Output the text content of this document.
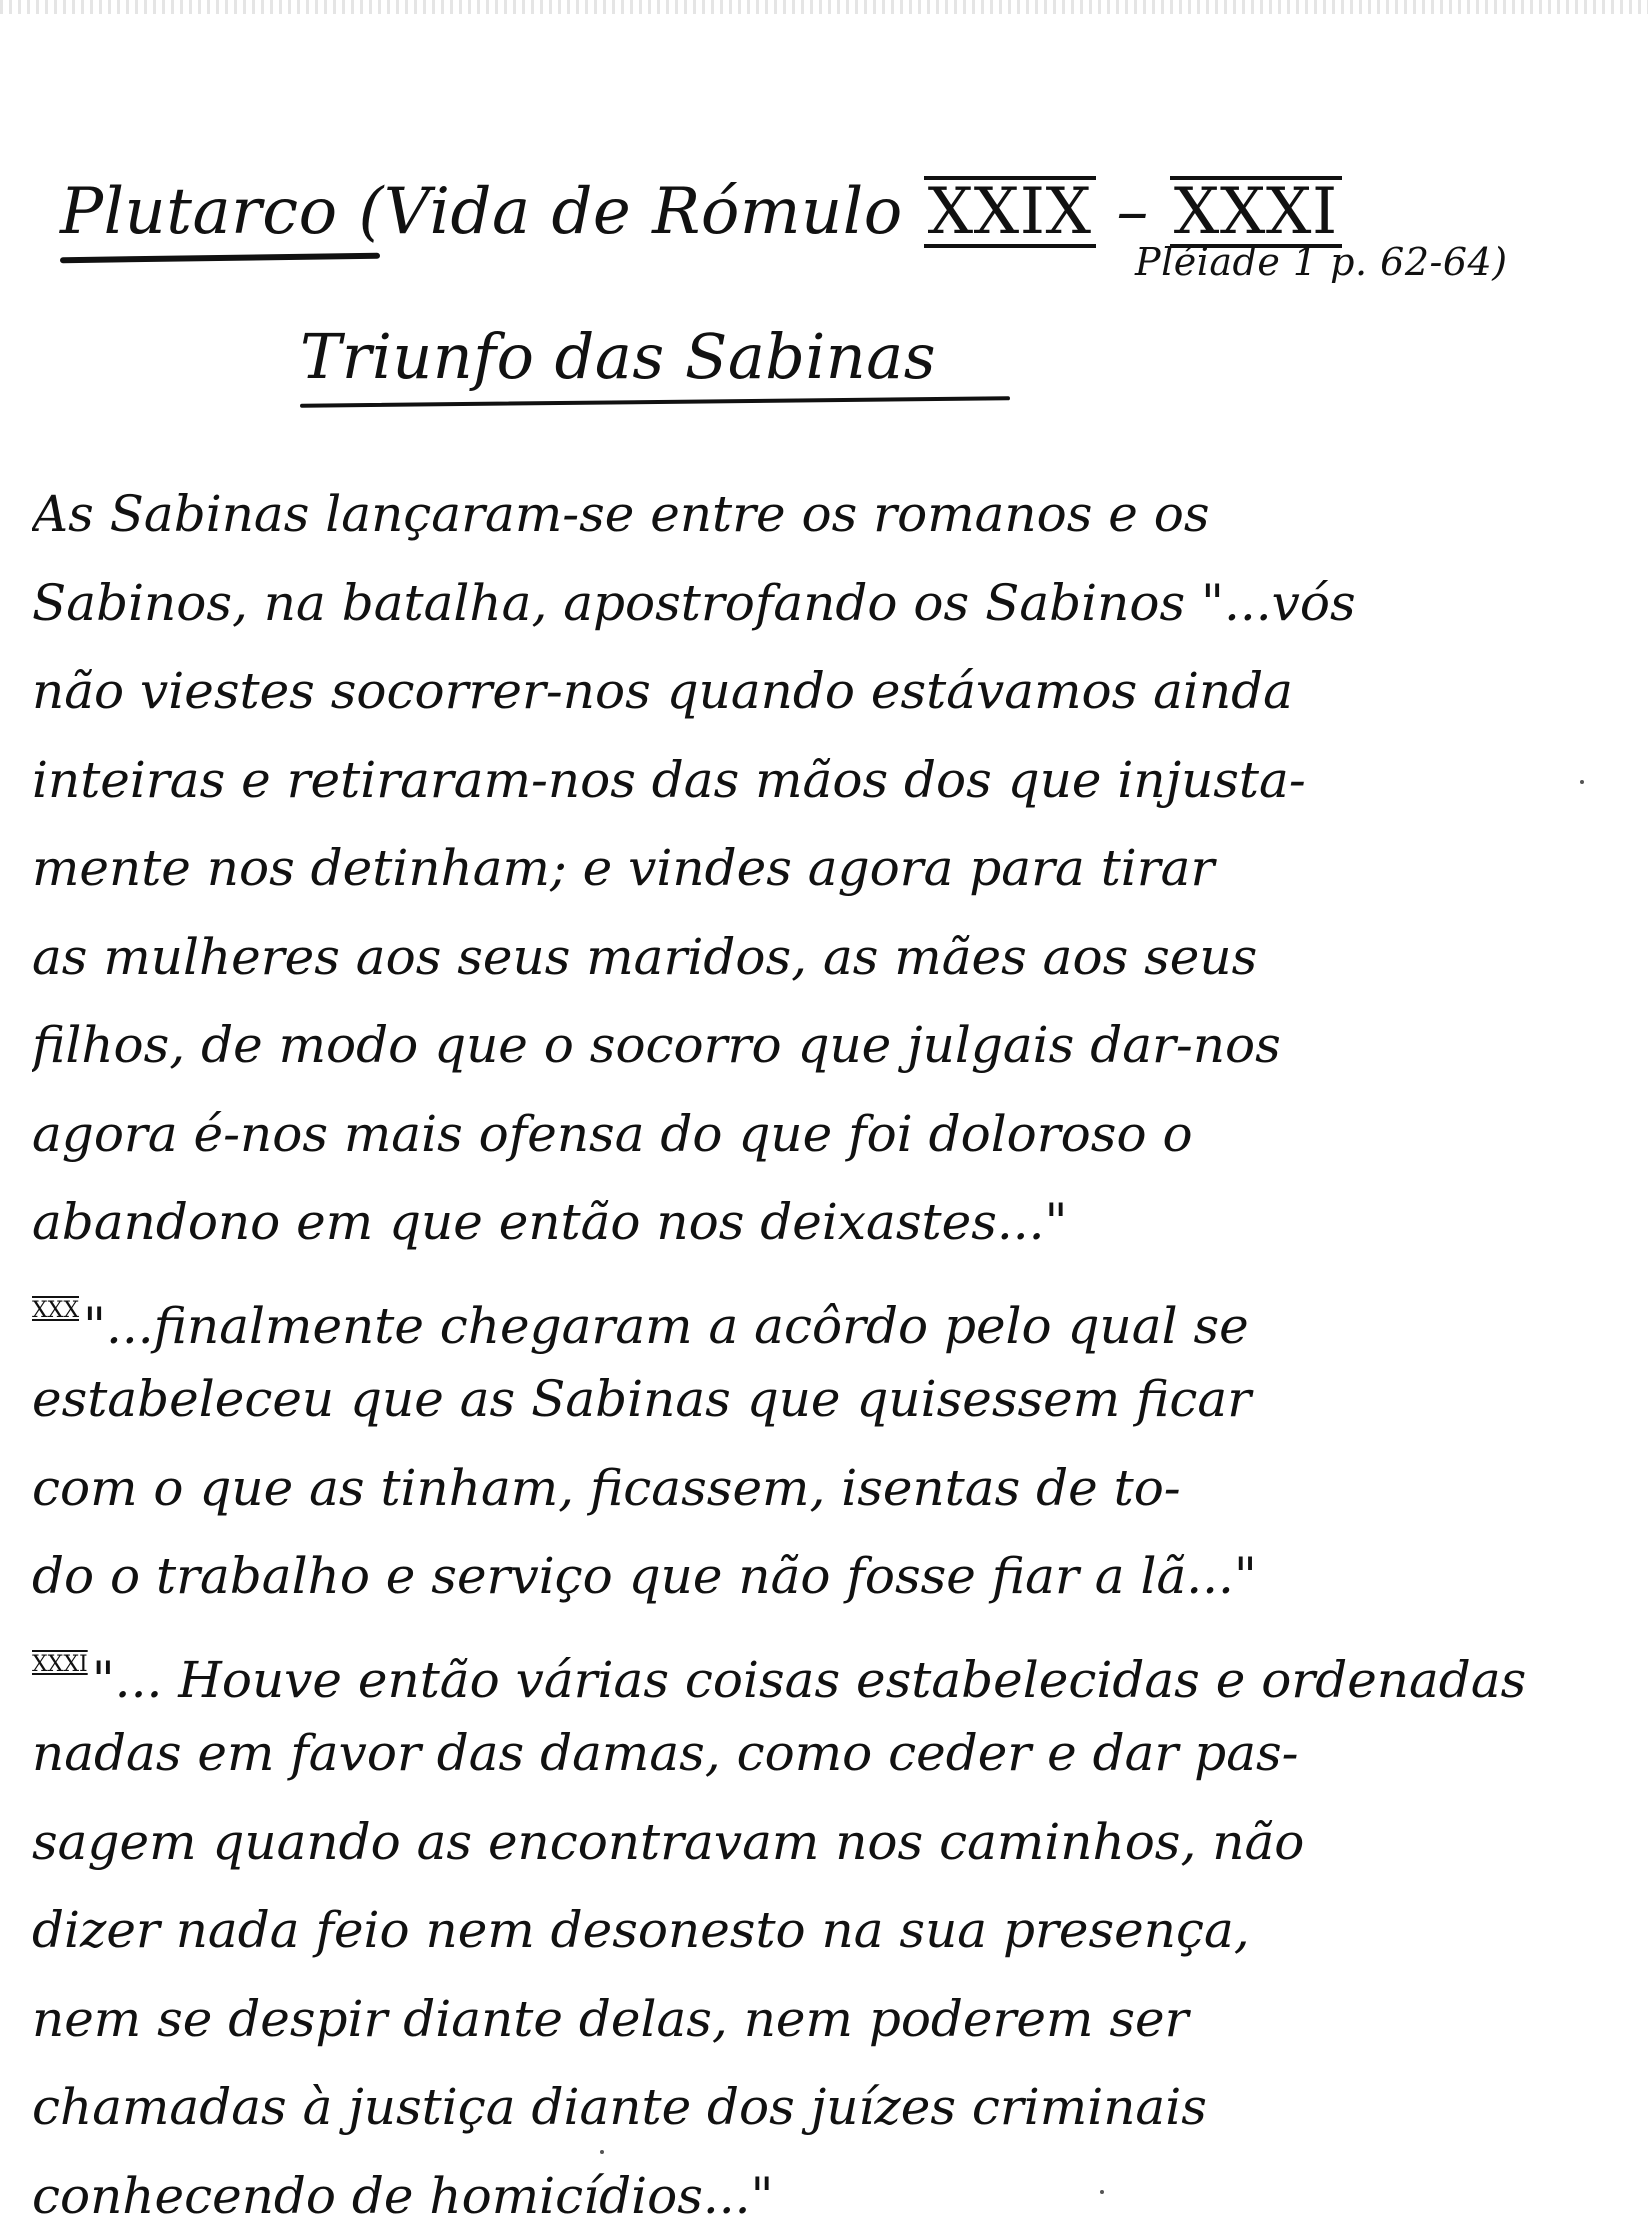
Plutarco (Vida de Rómulo XXIX – XXXI
Pléiade 1 p. 62-64)
Triunfo das Sabinas
As Sabinas lançaram-se entre os romanos e os
Sabinos, na batalha, apostrofando os Sabinos "...vós
não viestes socorrer-nos quando estávamos ainda
inteiras e retiraram-nos das mãos dos que injusta-
mente nos detinham; e vindes agora para tirar
as mulheres aos seus maridos, as mães aos seus
filhos, de modo que o socorro que julgais dar-nos
agora é-nos mais ofensa do que foi doloroso o
abandono em que então nos deixastes..."
$^{XXX}$"...finalmente chegaram a acôrdo pelo qual se
estabeleceu que as Sabinas que quisessem ficar
com o que as tinham, ficassem, isentas de to-
do o trabalho e serviço que não fosse fiar a lã..."
$^{XXXI}$"... Houve então várias coisas estabelecidas e ordenadas
nadas em favor das damas, como ceder e dar pas-
sagem quando as encontravam nos caminhos, não
dizer nada feio nem desonesto na sua presença,
nem se despir diante delas, nem poderem ser
chamadas à justiça diante dos juízes criminais
conhecendo de homicídios..."
